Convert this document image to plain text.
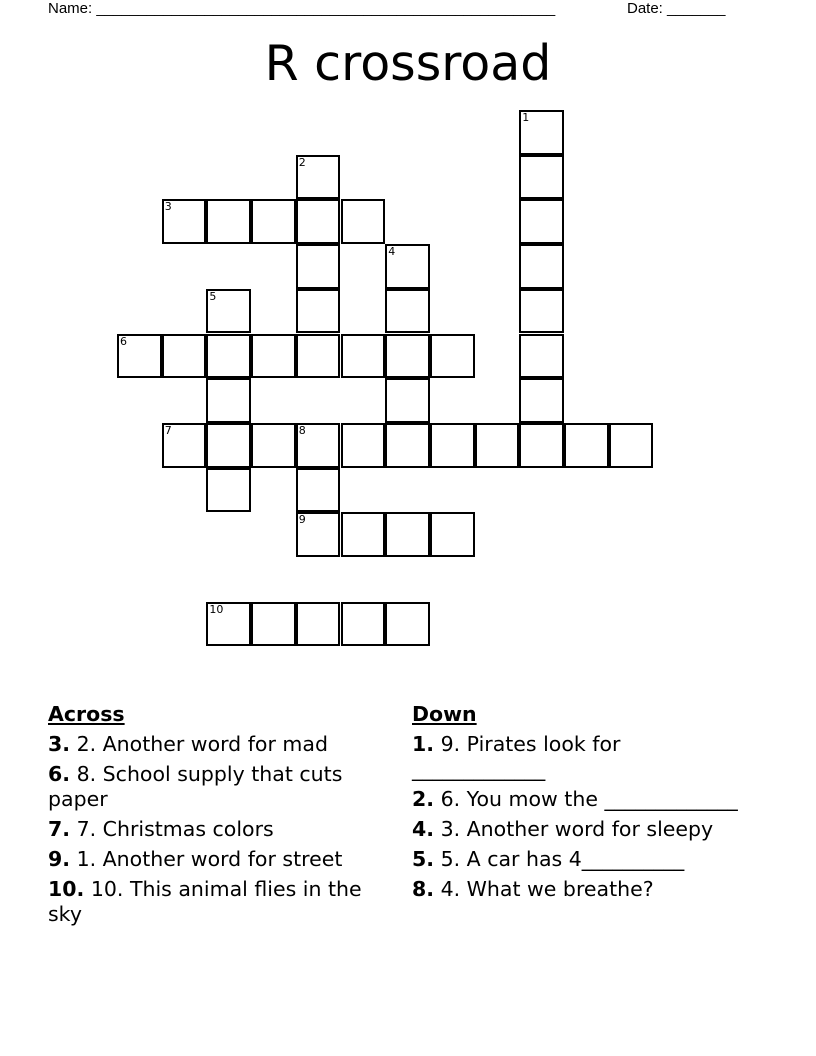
Name: _______________________________________________________	Date: _______
R crossroad
1
2
3
4
5
6
7	8
9
10
Across
3. 2. Another word for mad
6. 8. School supply that cuts paper
7. 7. Christmas colors
9. 1. Another word for street
10. 10. This animal flies in the sky
Down
1. 9. Pirates look for _____________
2. 6. You mow the _____________
4. 3. Another word for sleepy
5. 5. A car has 4__________
8. 4. What we breathe?
